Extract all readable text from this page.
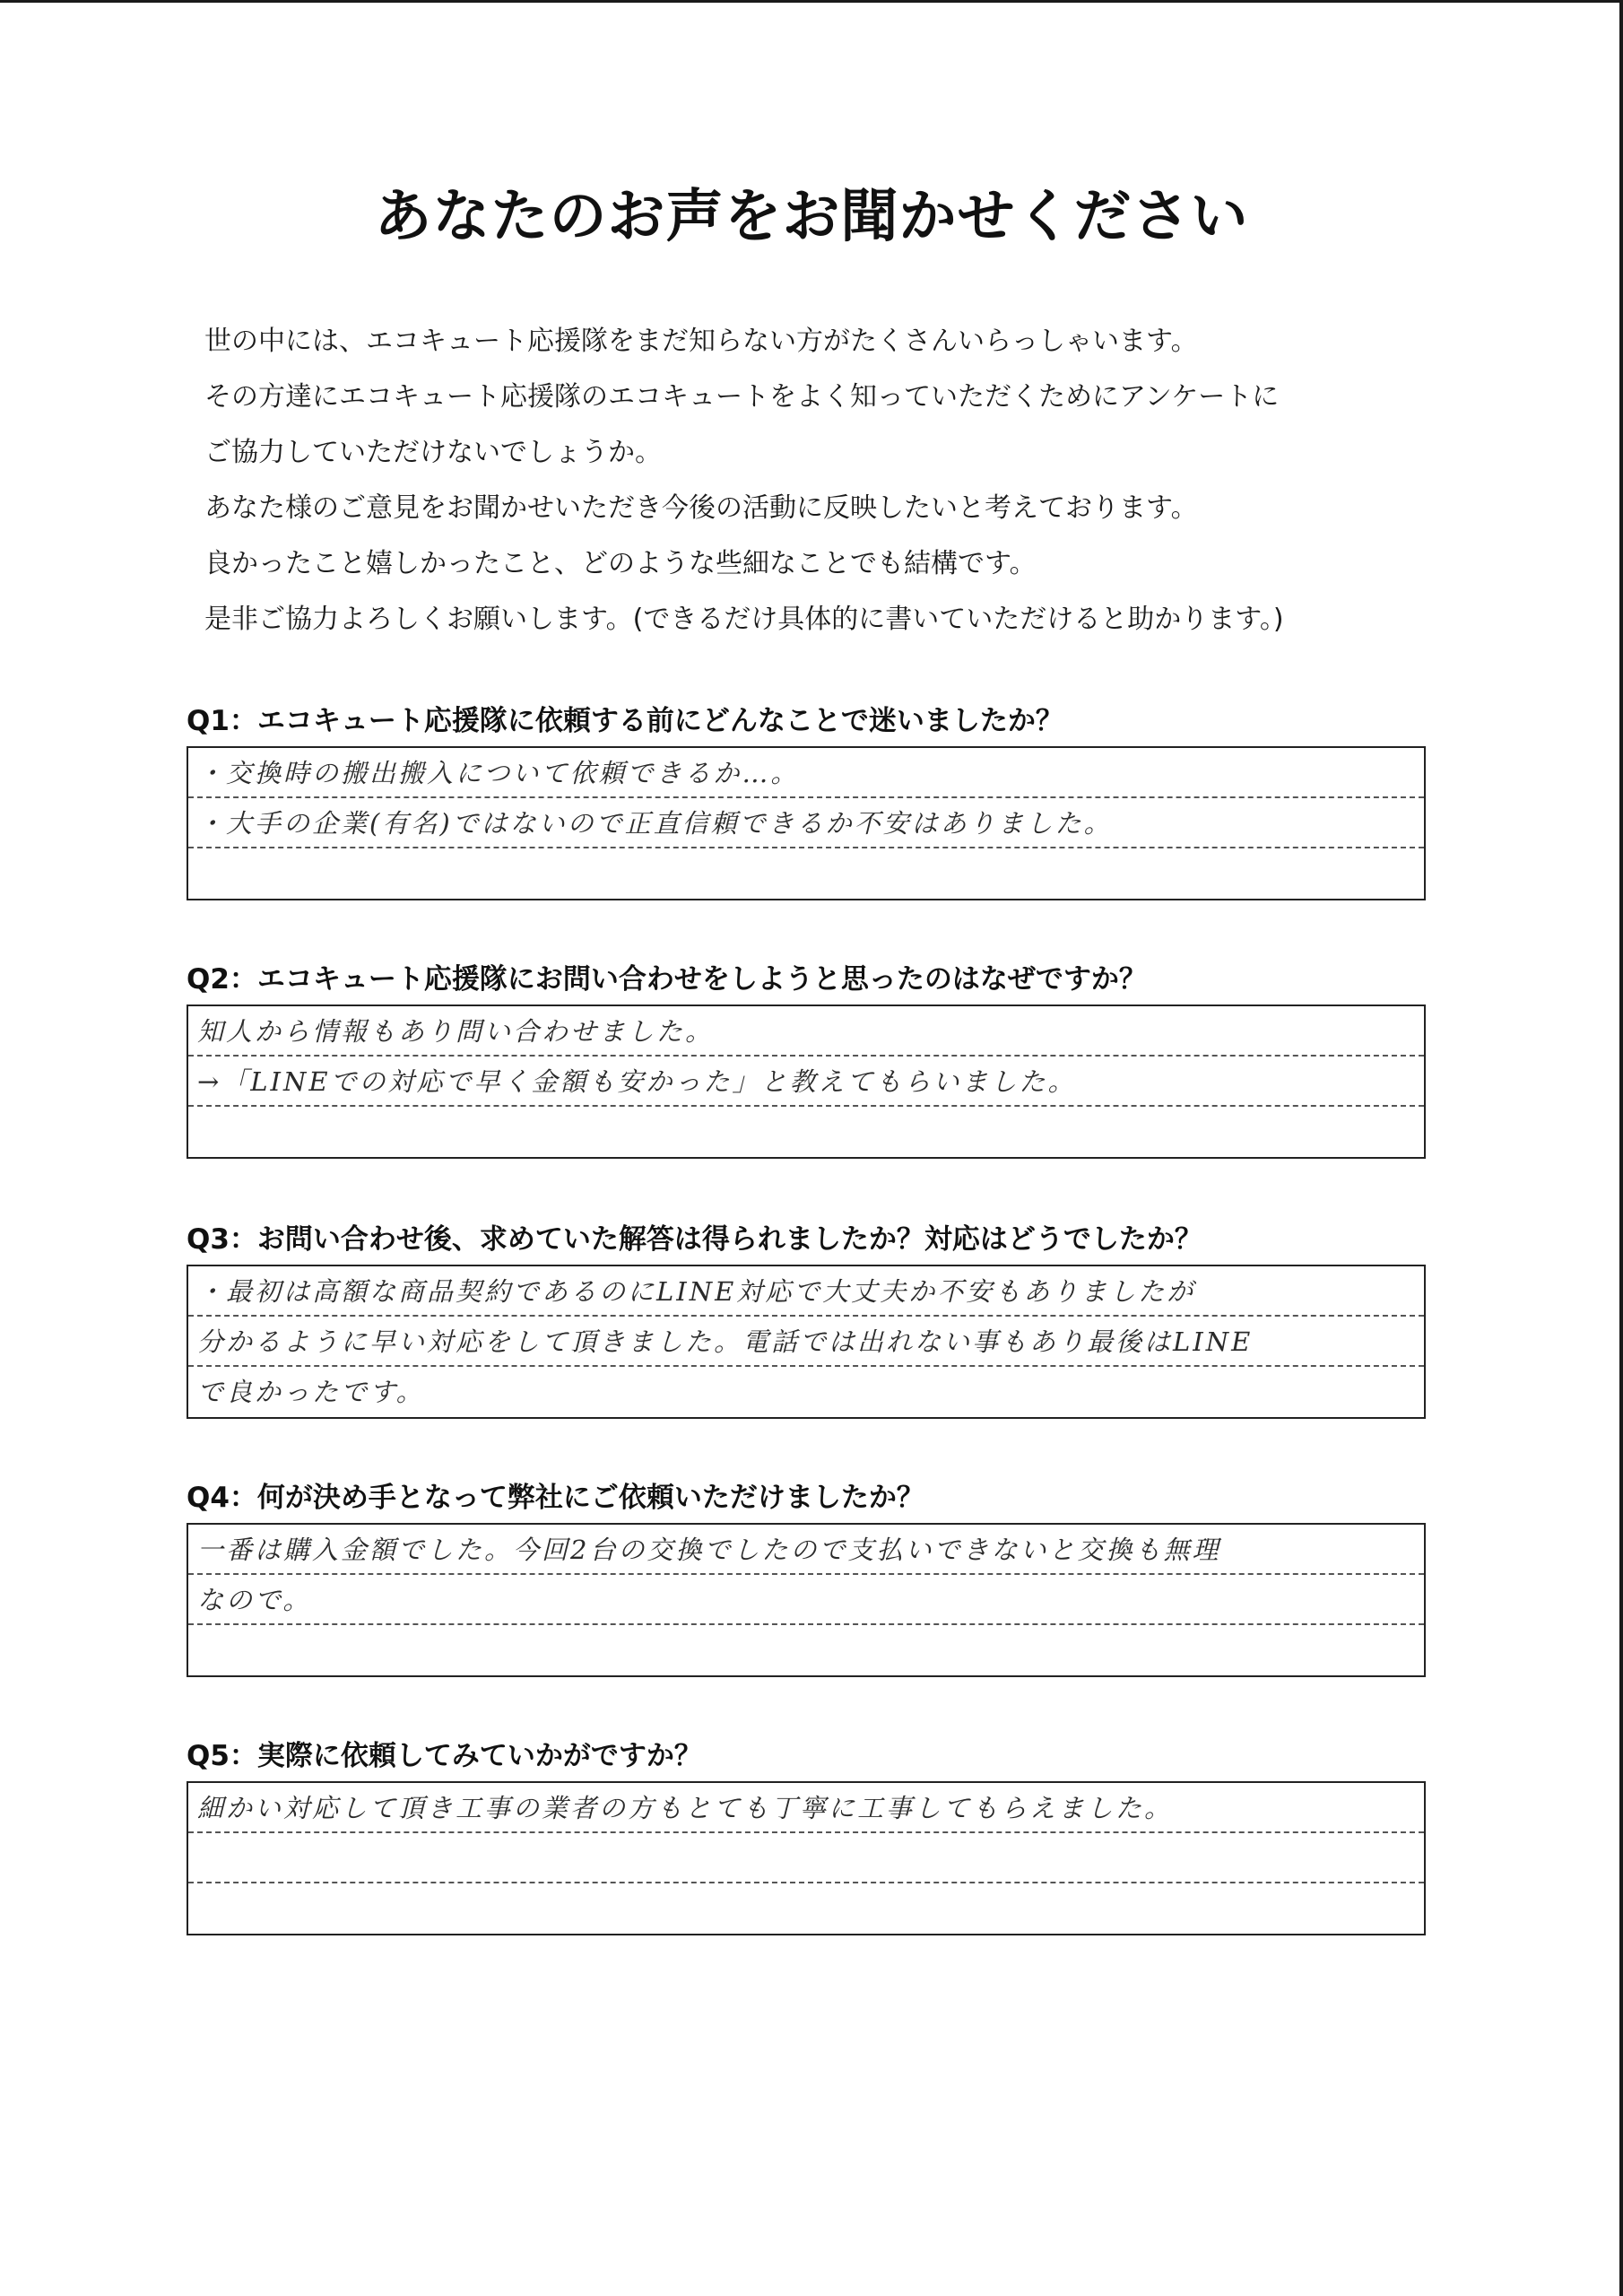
あなたのお声をお聞かせください

世の中には、エコキュート応援隊をまだ知らない方がたくさんいらっしゃいます。

その方達にエコキュート応援隊のエコキュートをよく知っていただくためにアンケートに

ご協力していただけないでしょうか。

あなた様のご意見をお聞かせいただき今後の活動に反映したいと考えております。

良かったこと嬉しかったこと、どのような些細なことでも結構です。

是非ご協力よろしくお願いします。(できるだけ具体的に書いていただけると助かります。)

Q1：エコキュート応援隊に依頼する前にどんなことで迷いましたか？
・交換時の搬出搬入について依頼できるか…。
・大手の企業(有名)ではないので正直信頼できるか不安はありました。
Q2：エコキュート応援隊にお問い合わせをしようと思ったのはなぜですか？
知人から情報もあり問い合わせました。
→「LINEでの対応で早く金額も安かった」と教えてもらいました。
Q3：お問い合わせ後、求めていた解答は得られましたか？対応はどうでしたか？
・最初は高額な商品契約であるのにLINE対応で大丈夫か不安もありましたが
分かるように早い対応をして頂きました。電話では出れない事もあり最後はLINE
で良かったです。
Q4：何が決め手となって弊社にご依頼いただけましたか？
一番は購入金額でした。今回2台の交換でしたので支払いできないと交換も無理
なので。
Q5：実際に依頼してみていかがですか？
細かい対応して頂き工事の業者の方もとても丁寧に工事してもらえました。
